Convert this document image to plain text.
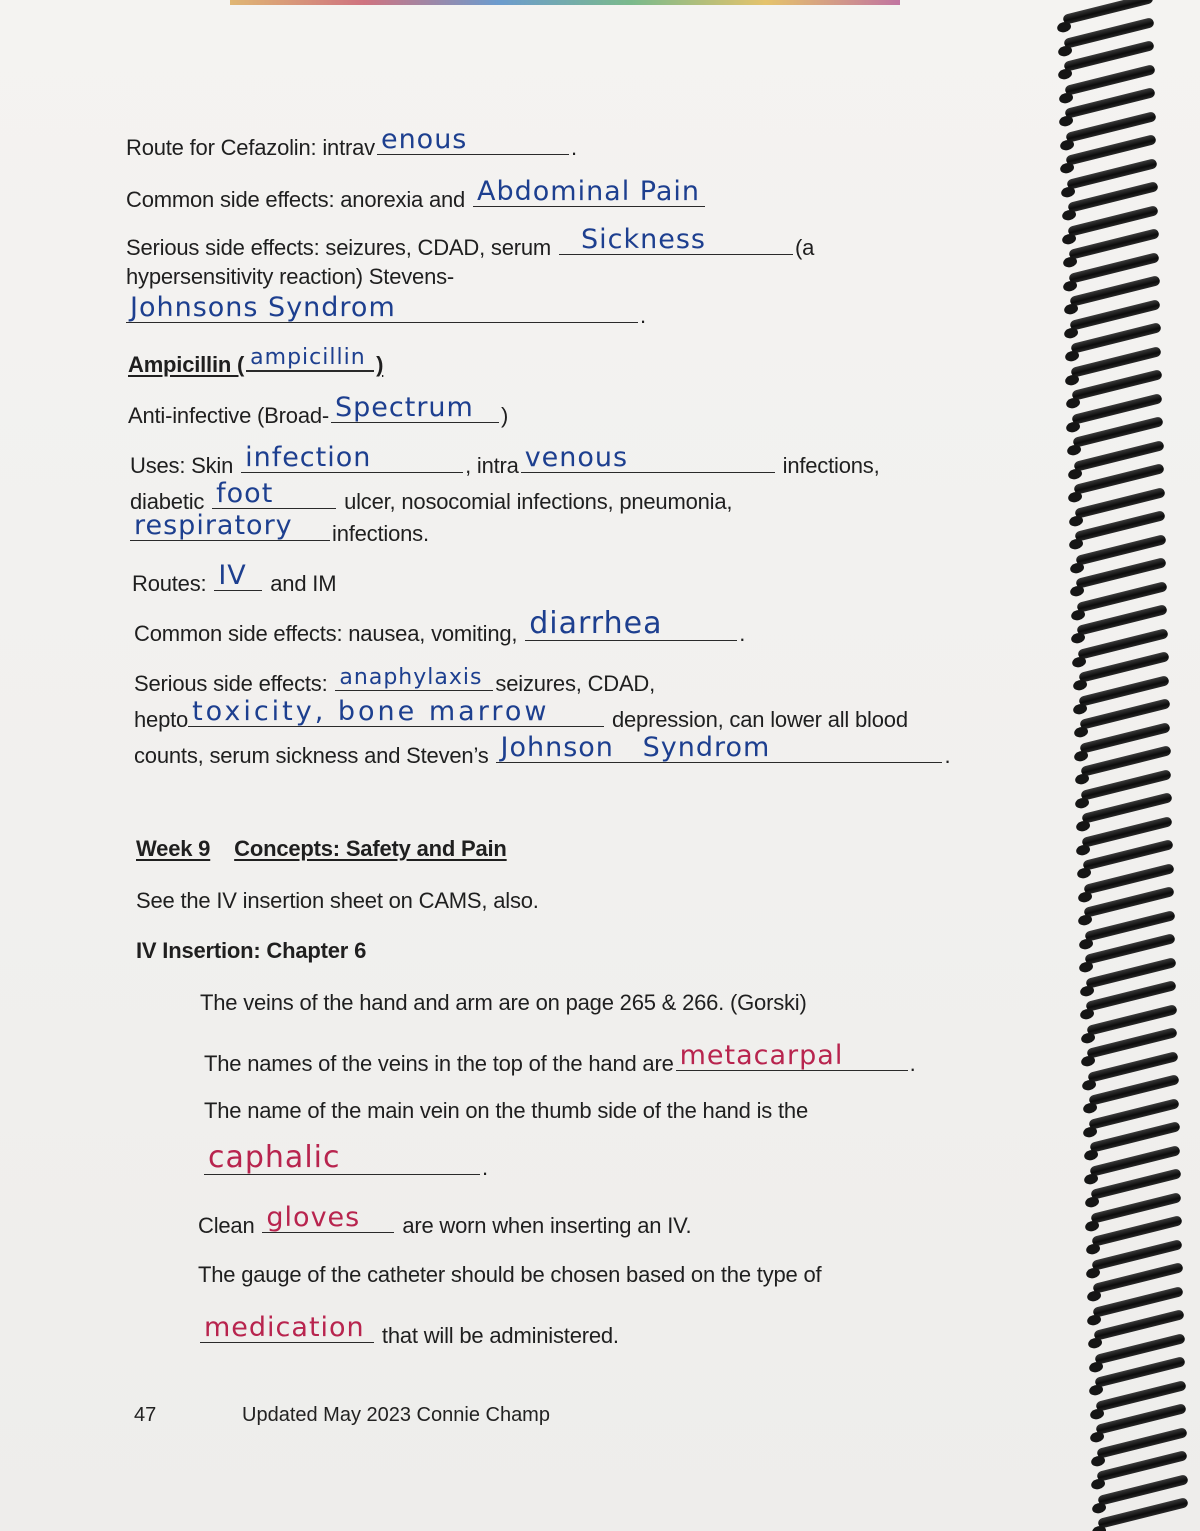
Route for Cefazolin: intrav enous	.
Common side effects: anorexia and Abdominal Pain
Serious side effects: seizures, CDAD, serum Sickness	(a
hypersensitivity reaction) Stevens-
Johnsons Syndrom	.
Ampicillin ( ampicillin )
Anti-infective (Broad- Spectrum )
Uses: Skin infection	, intra venous	infections,
diabetic foot	ulcer, nosocomial infections, pneumonia,
respiratory infections.
Routes: IV and IM
Common side effects: nausea, vomiting, diarrhea	.
Serious side effects: anaphylaxis seizures, CDAD,
hepto toxicity, bone marrow	depression, can lower all blood
counts, serum sickness and Steven’s Johnson   Syndrom	.
Week 9 Concepts: Safety and Pain
See the IV insertion sheet on CAMS, also.
IV Insertion: Chapter 6
The veins of the hand and arm are on page 265 & 266. (Gorski)
The names of the veins in the top of the hand are metacarpal	.
The name of the main vein on the thumb side of the hand is the
caphalic	.
Clean gloves are worn when inserting an IV.
The gauge of the catheter should be chosen based on the type of
medication that will be administered.
47	Updated May 2023 Connie Champ
